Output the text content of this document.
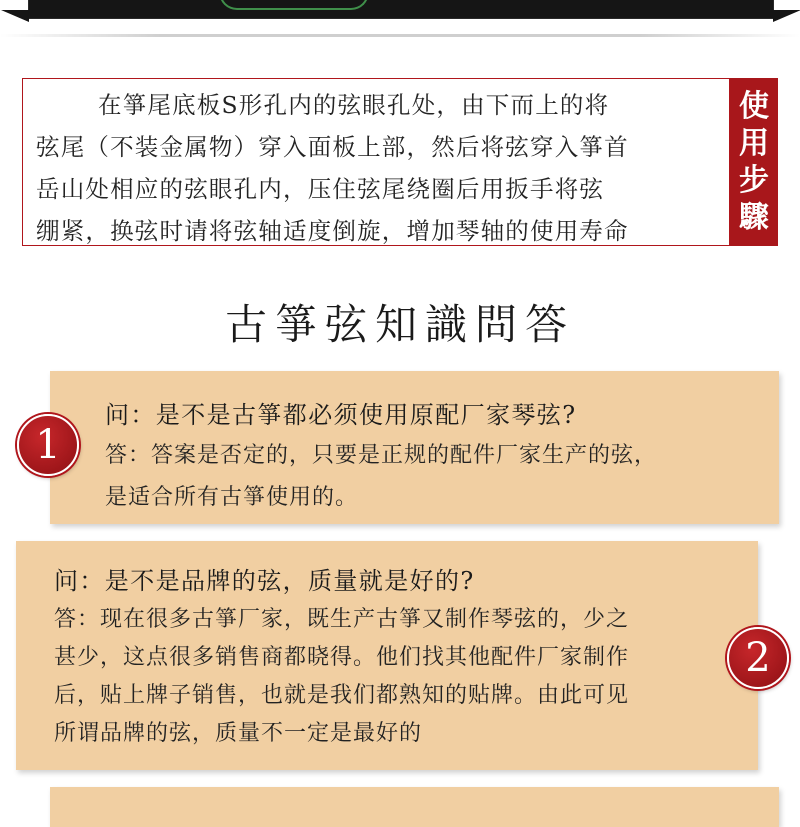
在箏尾底板S形孔内的弦眼孔处，由下而上的将
弦尾（不装金属物）穿入面板上部，然后将弦穿入箏首
岳山处相应的弦眼孔内，压住弦尾绕圈后用扳手将弦
绷紧，换弦时请将弦轴适度倒旋，增加琴轴的使用寿命
使
用
步
驟
古箏弦知識問答
问：是不是古箏都必须使用原配厂家琴弦?
答：答案是否定的，只要是正规的配件厂家生产的弦，
是适合所有古箏使用的。
1
问：是不是品牌的弦，质量就是好的?
答：现在很多古箏厂家，既生产古箏又制作琴弦的，少之
甚少，这点很多销售商都晓得。他们找其他配件厂家制作
后，贴上牌子销售，也就是我们都熟知的贴牌。由此可见
所谓品牌的弦，质量不一定是最好的
2
